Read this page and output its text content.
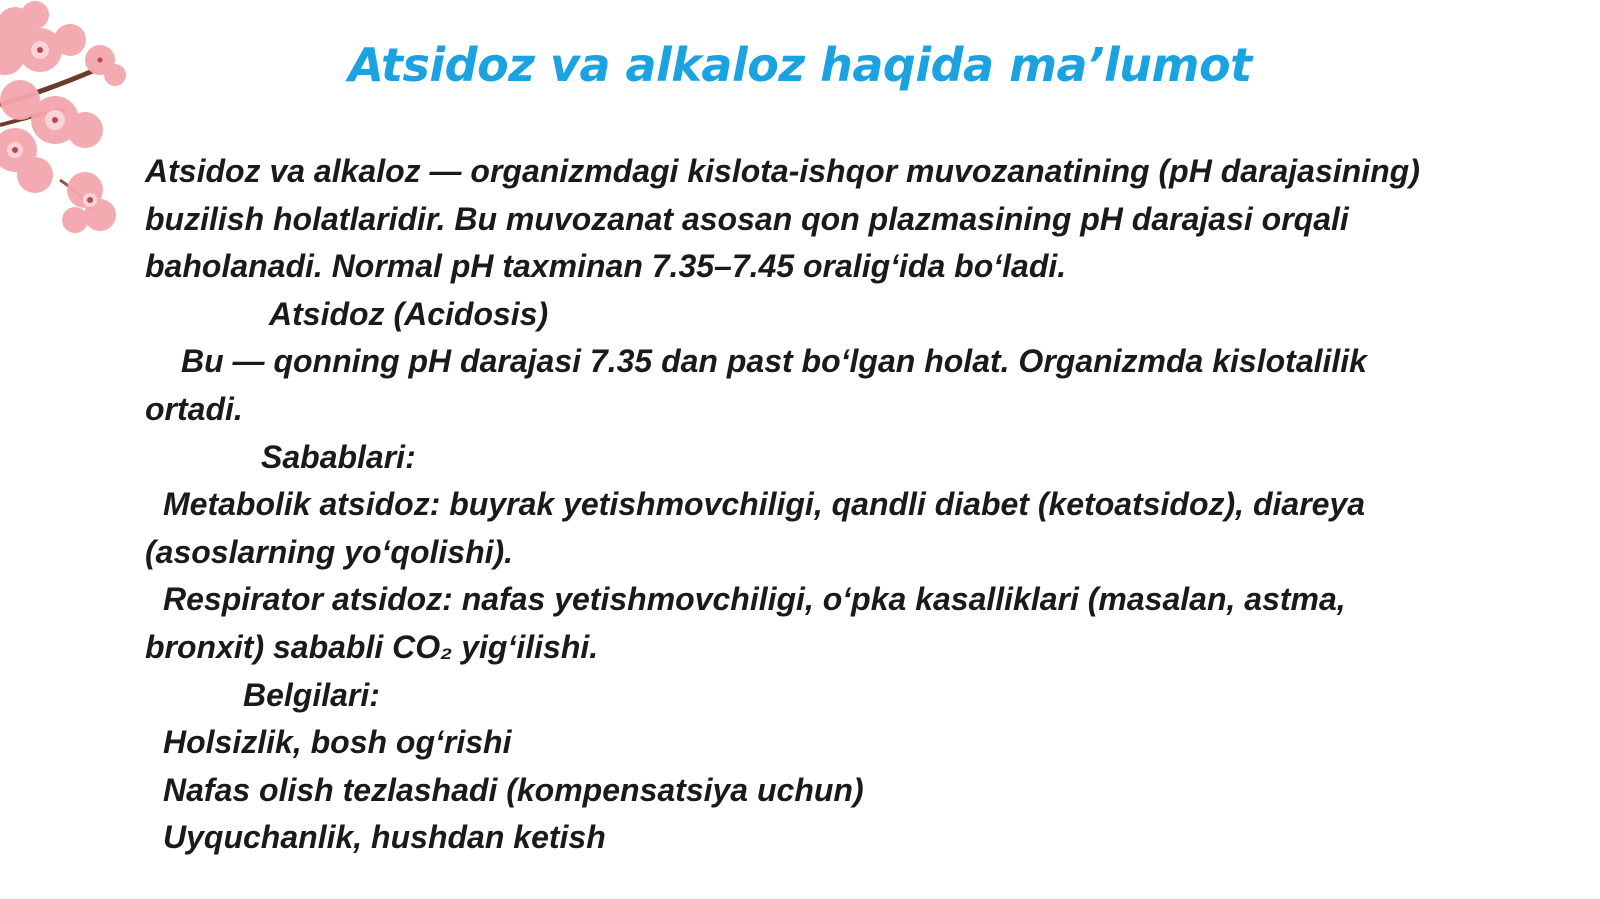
Atsidoz va alkaloz haqida ma’lumot
Atsidoz va alkaloz — organizmdagi kislota-ishqor muvozanatining (pH darajasining)
buzilish holatlaridir. Bu muvozanat asosan qon plazmasining pH darajasi orqali
baholanadi. Normal pH taxminan 7.35–7.45 oralig‘ida bo‘ladi.
Atsidoz (Acidosis)
Bu — qonning pH darajasi 7.35 dan past bo‘lgan holat. Organizmda kislotalilik
ortadi.
Sabablari:
Metabolik atsidoz: buyrak yetishmovchiligi, qandli diabet (ketoatsidoz), diareya
(asoslarning yo‘qolishi).
Respirator atsidoz: nafas yetishmovchiligi, o‘pka kasalliklari (masalan, astma,
bronxit) sababli CO₂ yig‘ilishi.
Belgilari:
Holsizlik, bosh og‘rishi
Nafas olish tezlashadi (kompensatsiya uchun)
Uyquchanlik, hushdan ketish
